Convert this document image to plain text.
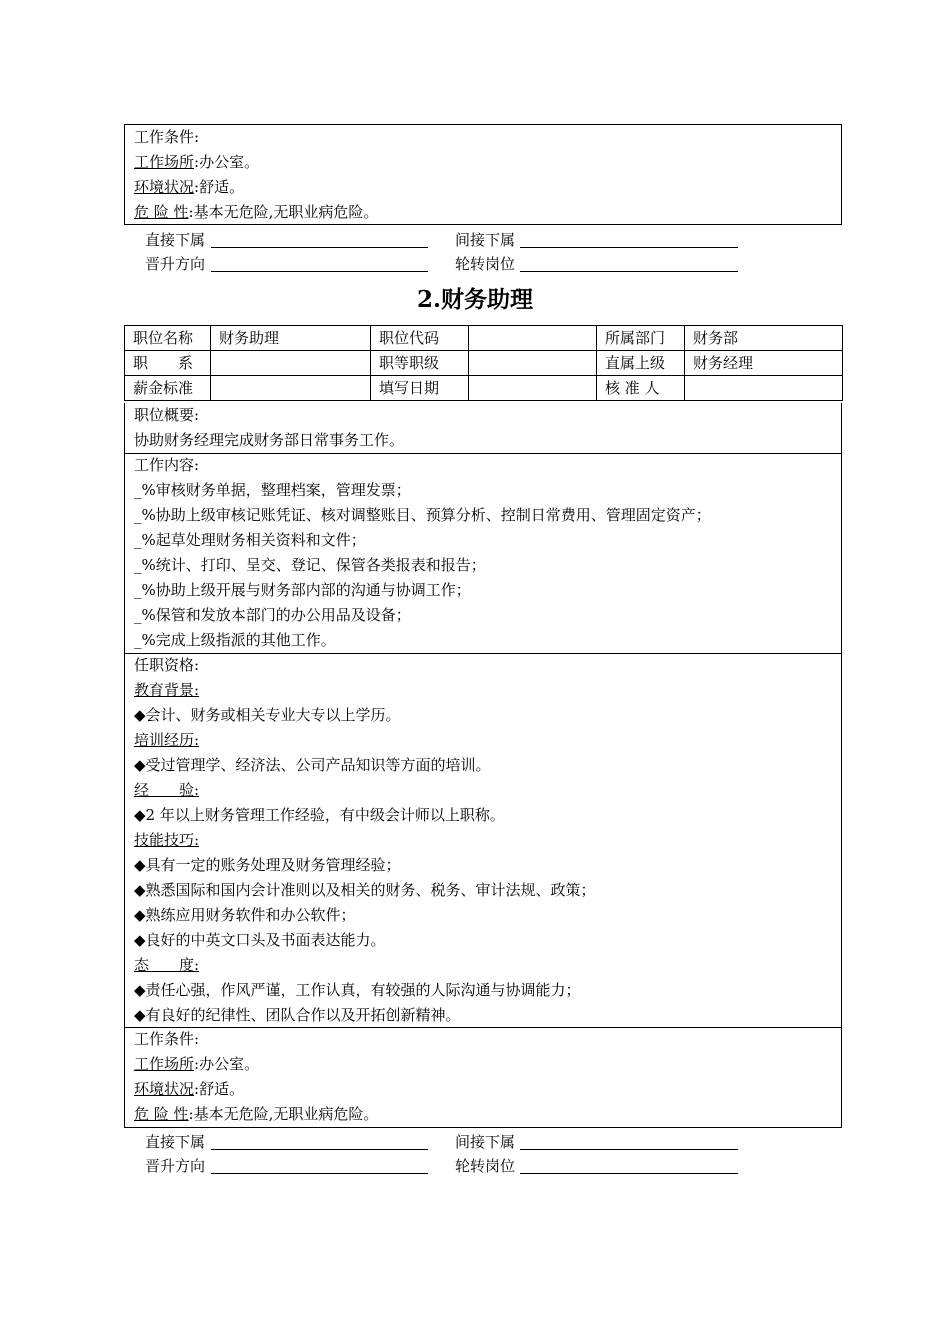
工作条件:
工作场所:办公室。
环境状况:舒适。
危 险 性:基本无危险,无职业病危险。
直接下属	间接下属
晋升方向	轮转岗位
2.财务助理
职位名称	财务助理	职位代码		所属部门	财务部
职　　系		职等职级		直属上级	财务经理
薪金标准		填写日期		核 准 人	
职位概要:
协助财务经理完成财务部日常事务工作。
工作内容:
_%审核财务单据，整理档案，管理发票；
_%协助上级审核记账凭证、核对调整账目、预算分析、控制日常费用、管理固定资产；
_%起草处理财务相关资料和文件；
_%统计、打印、呈交、登记、保管各类报表和报告；
_%协助上级开展与财务部内部的沟通与协调工作；
_%保管和发放本部门的办公用品及设备；
_%完成上级指派的其他工作。
任职资格:
教育背景:
◆会计、财务或相关专业大专以上学历。
培训经历:
◆受过管理学、经济法、公司产品知识等方面的培训。
经　　验:
◆2 年以上财务管理工作经验，有中级会计师以上职称。
技能技巧:
◆具有一定的账务处理及财务管理经验；
◆熟悉国际和国内会计准则以及相关的财务、税务、审计法规、政策；
◆熟练应用财务软件和办公软件；
◆良好的中英文口头及书面表达能力。
态　　度:
◆责任心强，作风严谨，工作认真，有较强的人际沟通与协调能力；
◆有良好的纪律性、团队合作以及开拓创新精神。
工作条件:
工作场所:办公室。
环境状况:舒适。
危 险 性:基本无危险,无职业病危险。
直接下属	间接下属
晋升方向	轮转岗位
